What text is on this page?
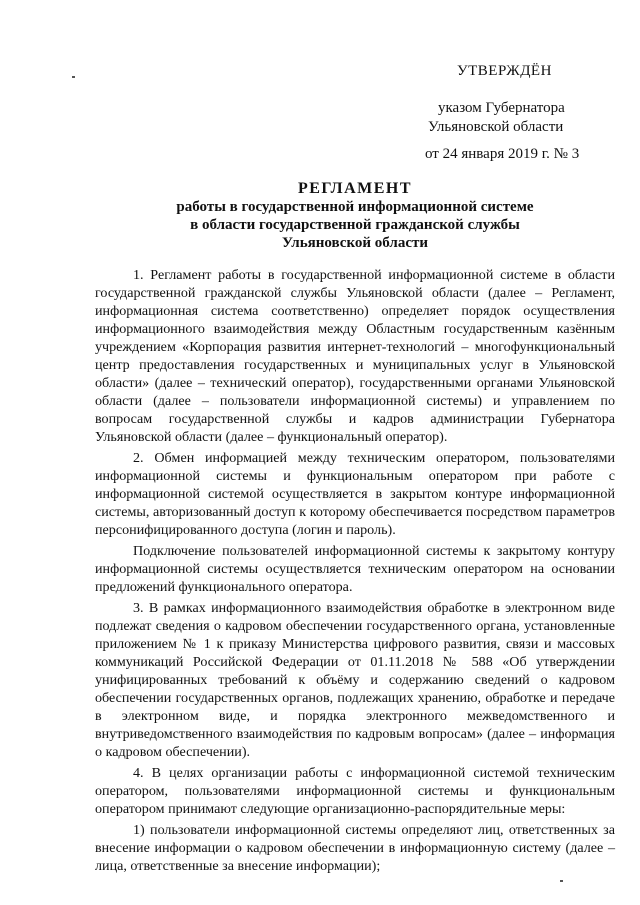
УТВЕРЖДЁН
указом Губернатора
Ульяновской области
от 24 января 2019 г. № 3
РЕГЛАМЕНТ
работы в государственной информационной системе
в области государственной гражданской службы
Ульяновской области

1. Регламент работы в государственной информационной системе в области государственной гражданской службы Ульяновской области (далее – Регламент, информационная система соответственно) определяет порядок осуществления информационного взаимодействия между Областным государственным казённым учреждением «Корпорация развития интернет-технологий – многофункциональный центр предоставления государственных и муниципальных услуг в Ульяновской области» (далее – технический оператор), государственными органами Ульяновской области (далее – пользователи информационной системы) и управлением по вопросам государственной службы и кадров администрации Губернатора Ульяновской области (далее – функциональный оператор).

2. Обмен информацией между техническим оператором, пользователями информационной системы и функциональным оператором при работе с информационной системой осуществляется в закрытом контуре информационной системы, авторизованный доступ к которому обеспечивается посредством параметров персонифицированного доступа (логин и пароль).

Подключение пользователей информационной системы к закрытому контуру информационной системы осуществляется техническим оператором на основании предложений функционального оператора.

3. В рамках информационного взаимодействия обработке в электронном виде подлежат сведения о кадровом обеспечении государственного органа, установленные приложением № 1 к приказу Министерства цифрового развития, связи и массовых коммуникаций Российской Федерации от 01.11.2018 № 588 «Об утверждении унифицированных требований к объёму и содержанию сведений о кадровом обеспечении государственных органов, подлежащих хранению, обработке и передаче в электронном виде, и порядка электронного межведомственного и внутриведомственного взаимодействия по кадровым вопросам» (далее – информация о кадровом обеспечении).

4. В целях организации работы с информационной системой техническим оператором, пользователями информационной системы и функциональным оператором принимают следующие организационно-распорядительные меры:

1) пользователи информационной системы определяют лиц, ответственных за внесение информации о кадровом обеспечении в информационную систему (далее – лица, ответственные за внесение информации);
